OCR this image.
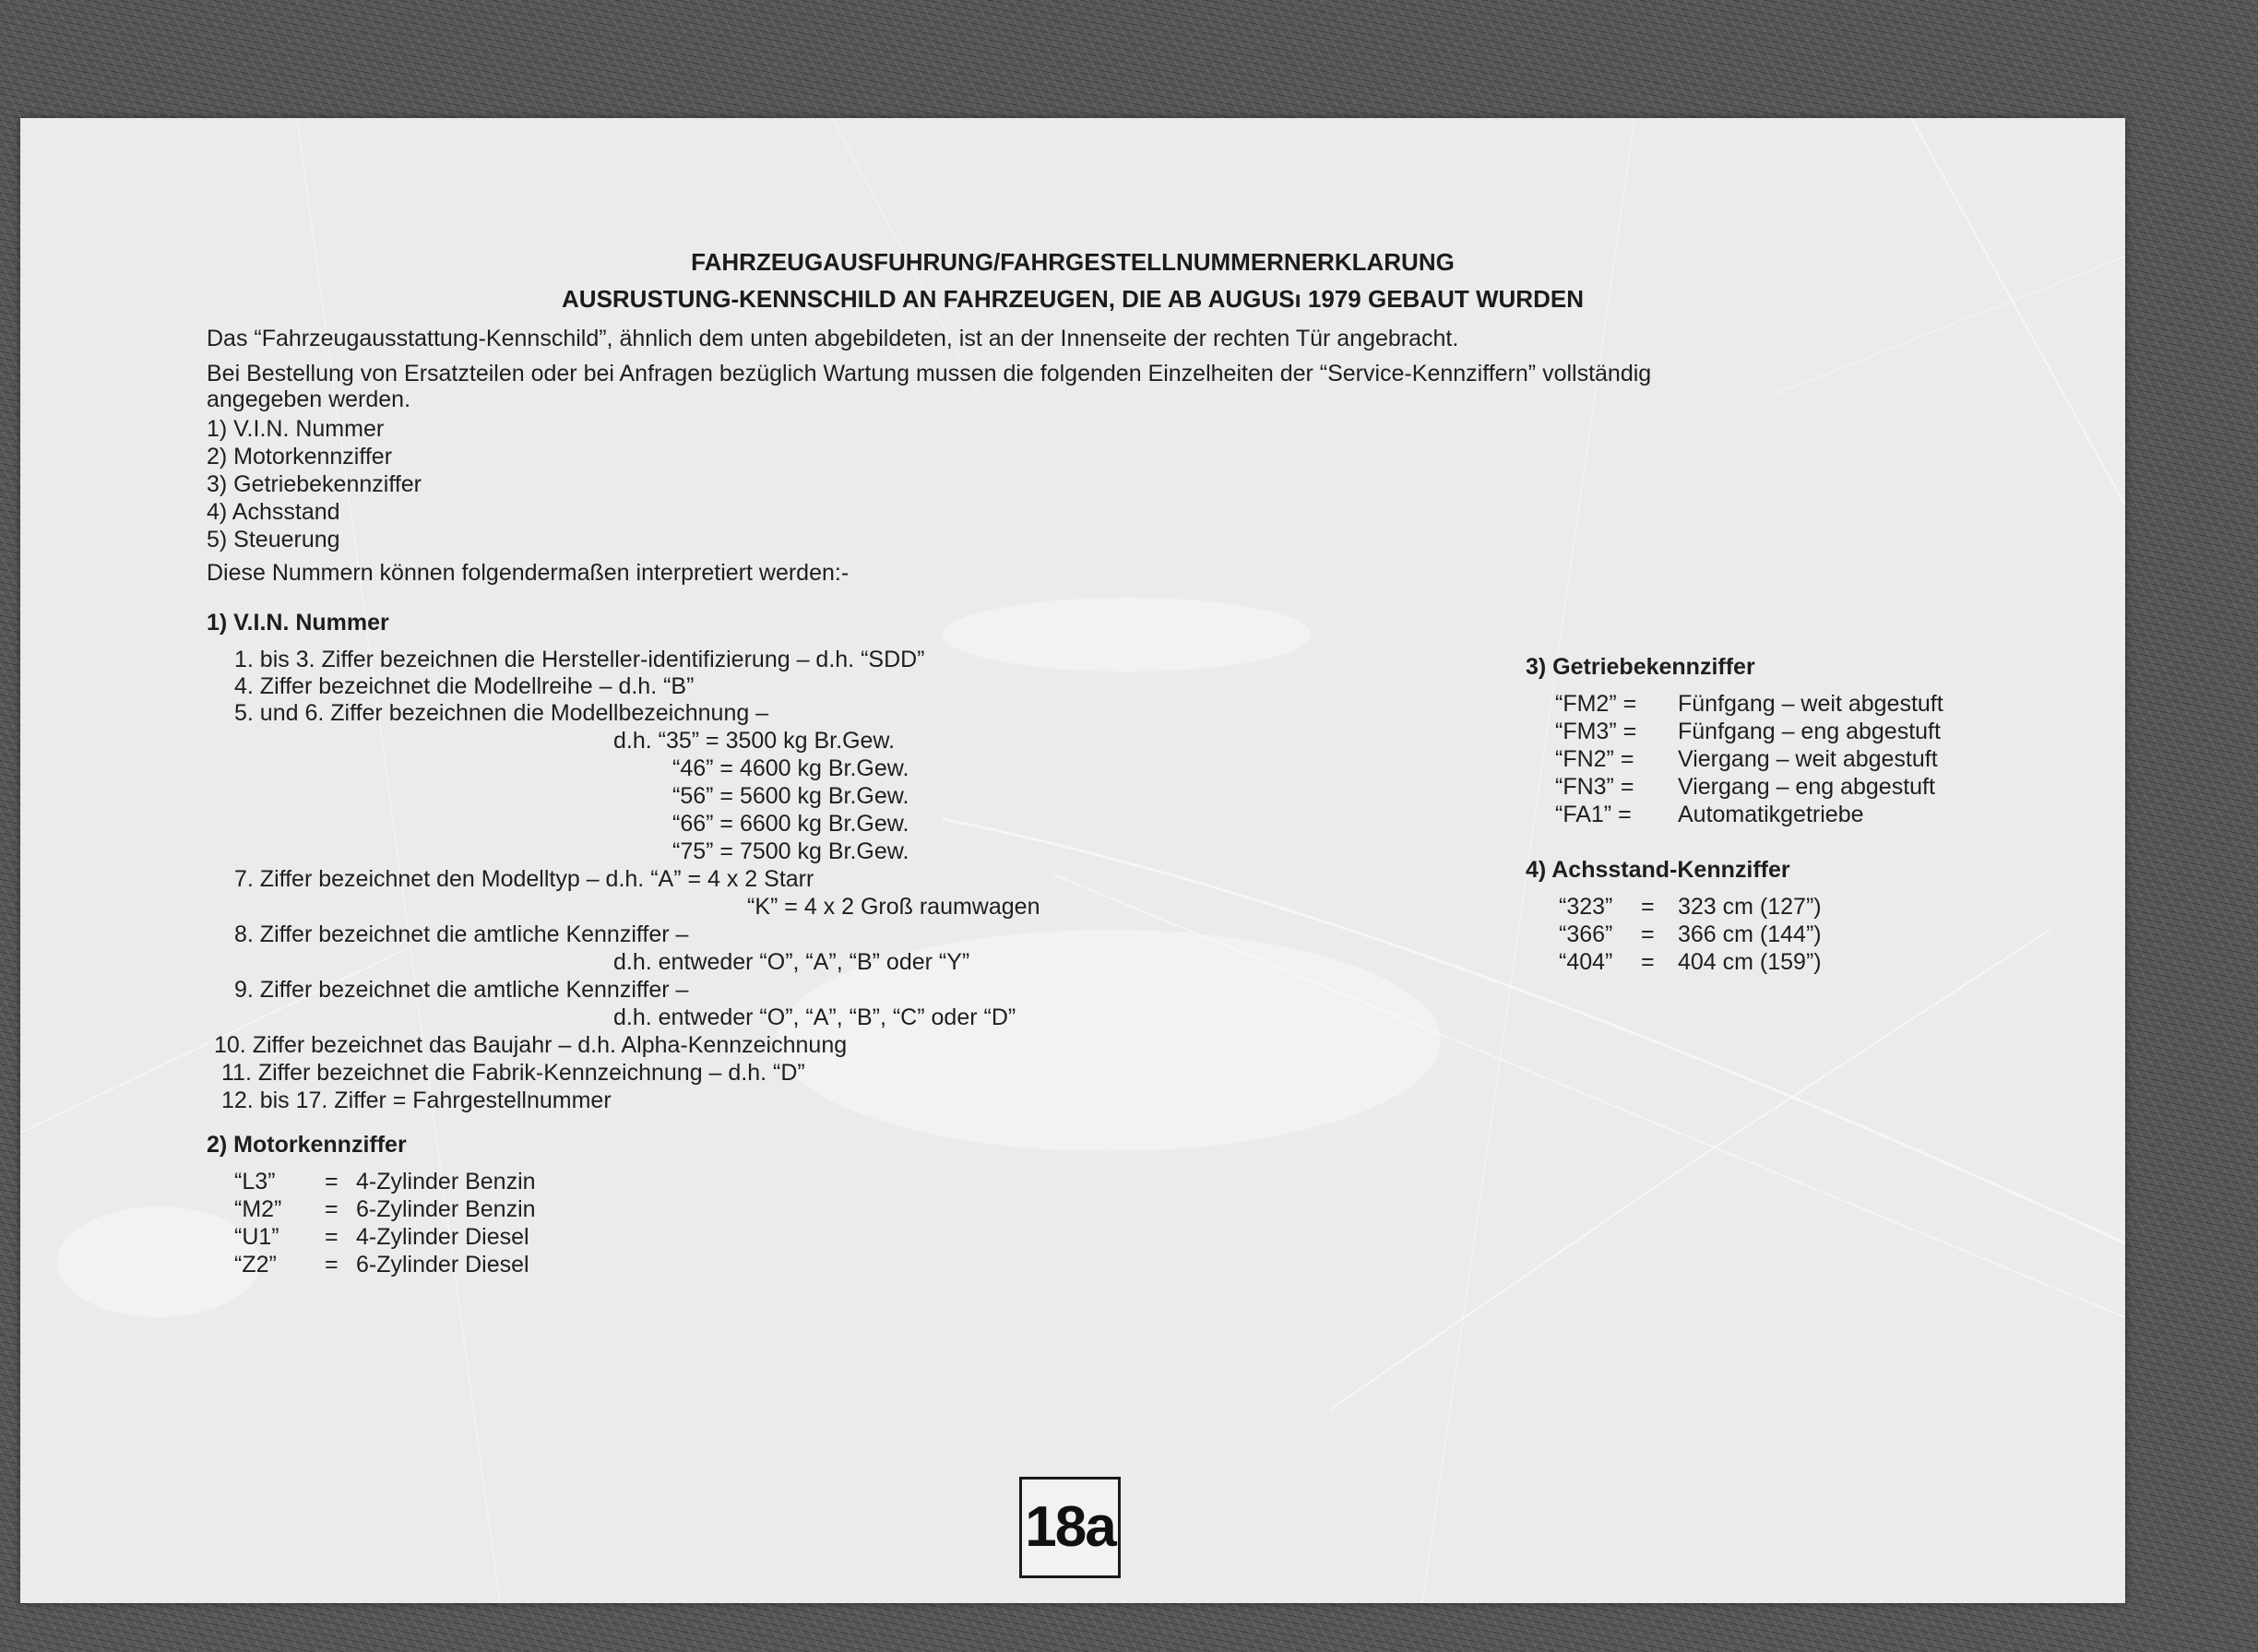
FAHRZEUGAUSFUHRUNG/FAHRGESTELLNUMMERNERKLARUNG
AUSRUSTUNG-KENNSCHILD AN FAHRZEUGEN, DIE AB AUGUSı 1979 GEBAUT WURDEN
Das “Fahrzeugausstattung-Kennschild”, ähnlich dem unten abgebildeten, ist an der Innenseite der rechten Tür angebracht.
Bei Bestellung von Ersatzteilen oder bei Anfragen bezüglich Wartung mussen die folgenden Einzelheiten der “Service-Kennziffern” vollständig
angegeben werden.
1) V.I.N. Nummer
2) Motorkennziffer
3) Getriebekennziffer
4) Achsstand
5) Steuerung
Diese Nummern können folgendermaßen interpretiert werden:-
1) V.I.N. Nummer
1. bis 3. Ziffer bezeichnen die Hersteller-identifizierung – d.h. “SDD”
4. Ziffer bezeichnet die Modellreihe – d.h. “B”
5. und 6. Ziffer bezeichnen die Modellbezeichnung –
d.h. “35” = 3500 kg Br.Gew.
“46” = 4600 kg Br.Gew.
“56” = 5600 kg Br.Gew.
“66” = 6600 kg Br.Gew.
“75” = 7500 kg Br.Gew.
7. Ziffer bezeichnet den Modelltyp – d.h. “A” = 4 x 2 Starr
“K” = 4 x 2 Groß raumwagen
8. Ziffer bezeichnet die amtliche Kennziffer –
d.h. entweder “O”, “A”, “B” oder “Y”
9. Ziffer bezeichnet die amtliche Kennziffer –
d.h. entweder “O”, “A”, “B”, “C” oder “D”
10. Ziffer bezeichnet das Baujahr – d.h. Alpha-Kennzeichnung
11. Ziffer bezeichnet die Fabrik-Kennzeichnung – d.h. “D”
12. bis 17. Ziffer = Fahrgestellnummer
2) Motorkennziffer
“L3” = 4-Zylinder Benzin
“M2” = 6-Zylinder Benzin
“U1” = 4-Zylinder Diesel
“Z2” = 6-Zylinder Diesel
3) Getriebekennziffer
“FM2” = Fünfgang – weit abgestuft
“FM3” = Fünfgang – eng abgestuft
“FN2” = Viergang – weit abgestuft
“FN3” = Viergang – eng abgestuft
“FA1” = Automatikgetriebe
4) Achsstand-Kennziffer
“323” = 323 cm (127”)
“366” = 366 cm (144”)
“404” = 404 cm (159”)
18a
